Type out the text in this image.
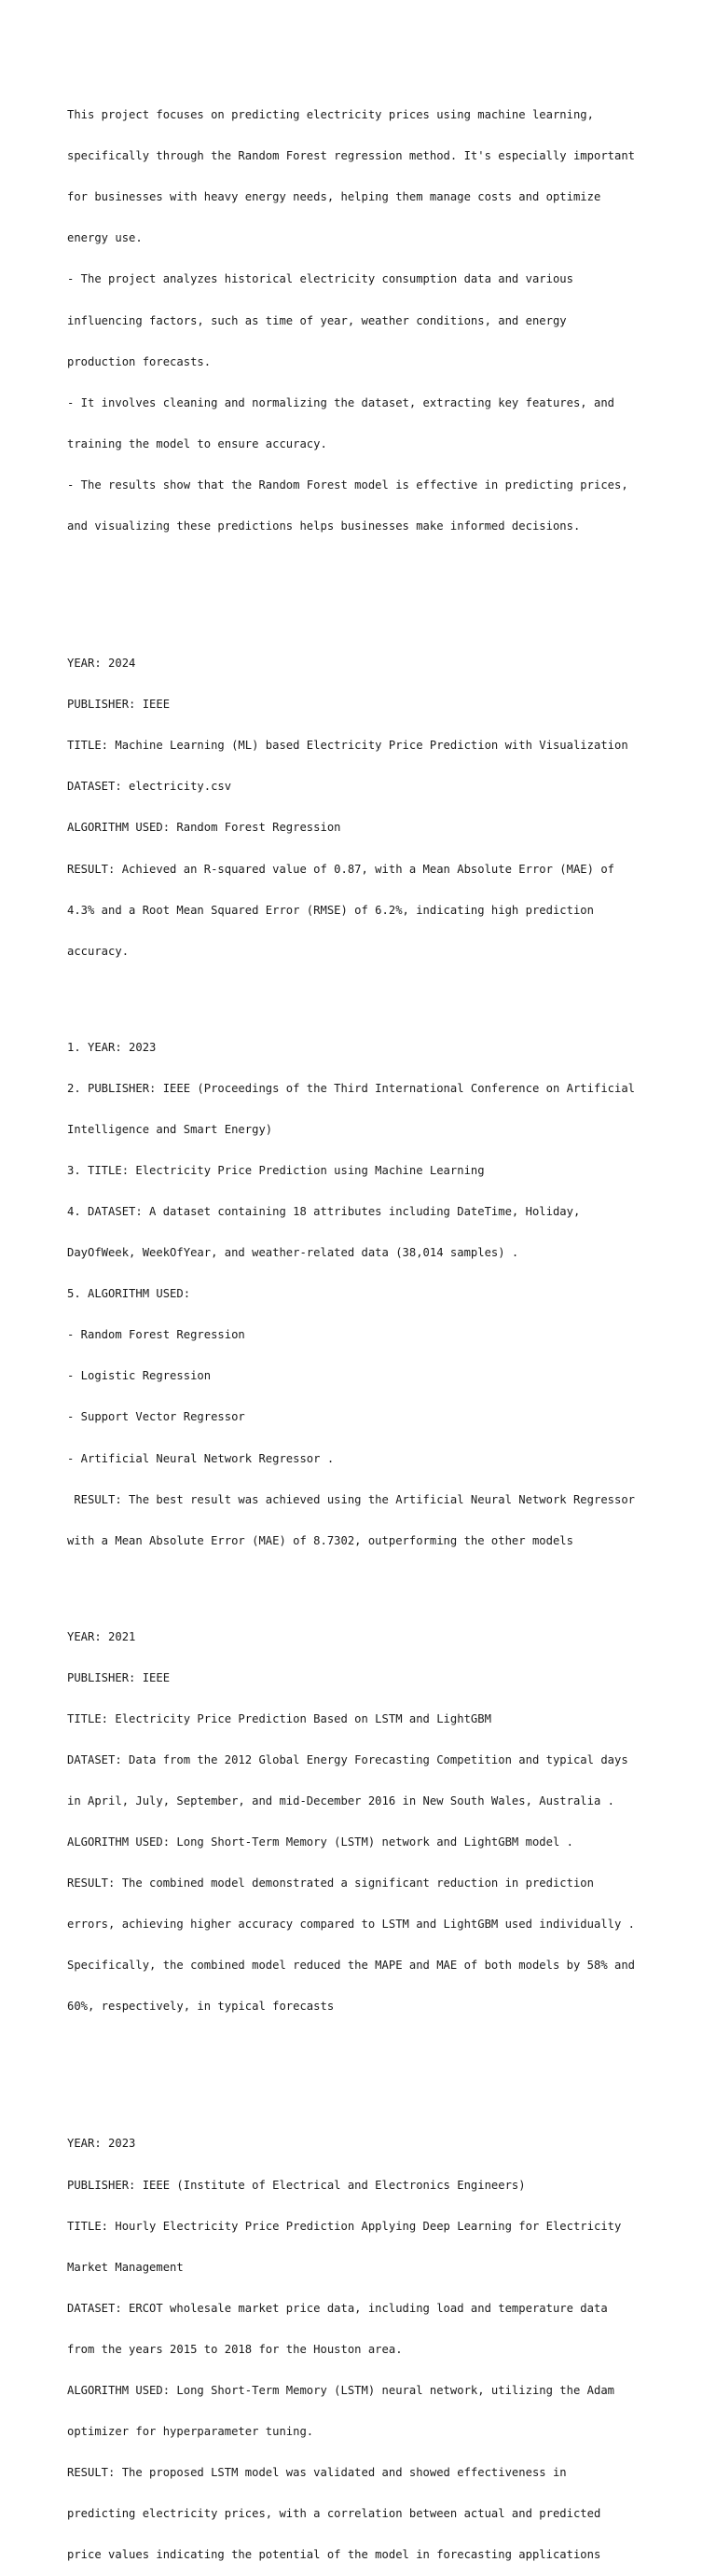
This project focuses on predicting electricity prices using machine learning,

specifically through the Random Forest regression method. It's especially important

for businesses with heavy energy needs, helping them manage costs and optimize

energy use.

- The project analyzes historical electricity consumption data and various

influencing factors, such as time of year, weather conditions, and energy

production forecasts.

- It involves cleaning and normalizing the dataset, extracting key features, and

training the model to ensure accuracy.

- The results show that the Random Forest model is effective in predicting prices,

and visualizing these predictions helps businesses make informed decisions.

YEAR: 2024

PUBLISHER: IEEE

TITLE: Machine Learning (ML) based Electricity Price Prediction with Visualization

DATASET: electricity.csv

ALGORITHM USED: Random Forest Regression

RESULT: Achieved an R-squared value of 0.87, with a Mean Absolute Error (MAE) of

4.3% and a Root Mean Squared Error (RMSE) of 6.2%, indicating high prediction

accuracy.

1. YEAR: 2023

2. PUBLISHER: IEEE (Proceedings of the Third International Conference on Artificial

Intelligence and Smart Energy)

3. TITLE: Electricity Price Prediction using Machine Learning

4. DATASET: A dataset containing 18 attributes including DateTime, Holiday,

DayOfWeek, WeekOfYear, and weather-related data (38,014 samples) .

5. ALGORITHM USED:

- Random Forest Regression

- Logistic Regression

- Support Vector Regressor

- Artificial Neural Network Regressor .

RESULT: The best result was achieved using the Artificial Neural Network Regressor

with a Mean Absolute Error (MAE) of 8.7302, outperforming the other models

YEAR: 2021

PUBLISHER: IEEE

TITLE: Electricity Price Prediction Based on LSTM and LightGBM

DATASET: Data from the 2012 Global Energy Forecasting Competition and typical days

in April, July, September, and mid-December 2016 in New South Wales, Australia .

ALGORITHM USED: Long Short-Term Memory (LSTM) network and LightGBM model .

RESULT: The combined model demonstrated a significant reduction in prediction

errors, achieving higher accuracy compared to LSTM and LightGBM used individually .

Specifically, the combined model reduced the MAPE and MAE of both models by 58% and

60%, respectively, in typical forecasts

YEAR: 2023

PUBLISHER: IEEE (Institute of Electrical and Electronics Engineers)

TITLE: Hourly Electricity Price Prediction Applying Deep Learning for Electricity

Market Management

DATASET: ERCOT wholesale market price data, including load and temperature data

from the years 2015 to 2018 for the Houston area.

ALGORITHM USED: Long Short-Term Memory (LSTM) neural network, utilizing the Adam

optimizer for hyperparameter tuning.

RESULT: The proposed LSTM model was validated and showed effectiveness in

predicting electricity prices, with a correlation between actual and predicted

price values indicating the potential of the model in forecasting applications
